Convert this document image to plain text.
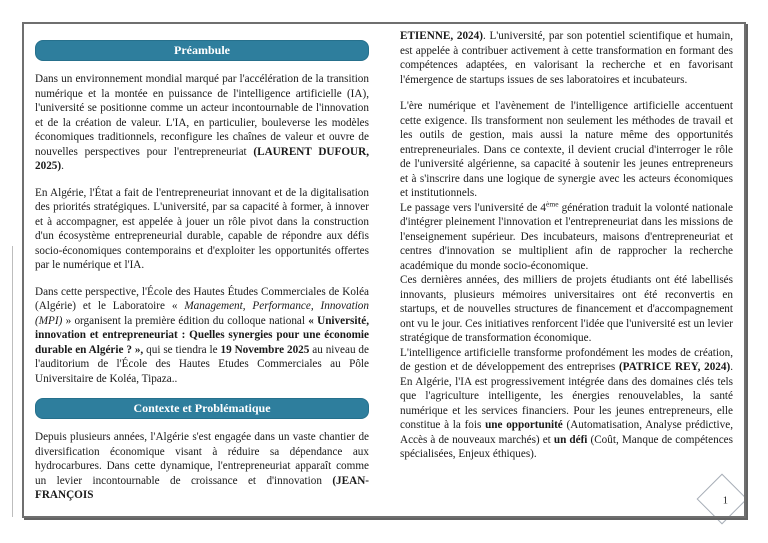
1
Préambule

Dans un environnement mondial marqué par l'accélération de la transition numérique et la montée en puissance de l'intelligence artificielle (IA), l'université se positionne comme un acteur incontournable de l'innovation et de la création de valeur. L'IA, en particulier, bouleverse les modèles économiques traditionnels, reconfigure les chaînes de valeur et ouvre de nouvelles perspectives pour l'entrepreneuriat (LAURENT DUFOUR, 2025).

En Algérie, l'État a fait de l'entrepreneuriat innovant et de la digitalisation des priorités stratégiques. L'université, par sa capacité à former, à innover et à accompagner, est appelée à jouer un rôle pivot dans la construction d'un écosystème entrepreneurial durable, capable de répondre aux défis socio-économiques contemporains et d'exploiter les opportunités offertes par le numérique et l'IA.

Dans cette perspective, l'École des Hautes Études Commerciales de Koléa (Algérie) et le Laboratoire « Management, Performance, Innovation (MPI) » organisent la première édition du colloque national « Université, innovation et entrepreneuriat : Quelles synergies pour une économie durable en Algérie ? », qui se tiendra le 19 Novembre 2025 au niveau de l'auditorium de l'École des Hautes Etudes Commerciales au Pôle Universitaire de Koléa, Tipaza..

Contexte et Problématique

Depuis plusieurs années, l'Algérie s'est engagée dans un vaste chantier de diversification économique visant à réduire sa dépendance aux hydrocarbures. Dans cette dynamique, l'entrepreneuriat apparaît comme un levier incontournable de croissance et d'innovation (JEAN-FRANÇOIS

ETIENNE, 2024). L'université, par son potentiel scientifique et humain, est appelée à contribuer activement à cette transformation en formant des compétences adaptées, en valorisant la recherche et en favorisant l'émergence de startups issues de ses laboratoires et incubateurs.

L'ère numérique et l'avènement de l'intelligence artificielle accentuent cette exigence. Ils transforment non seulement les méthodes de travail et les outils de gestion, mais aussi la nature même des opportunités entrepreneuriales. Dans ce contexte, il devient crucial d'interroger le rôle de l'université algérienne, sa capacité à soutenir les jeunes entrepreneurs et à s'inscrire dans une logique de synergie avec les acteurs économiques et institutionnels.

Le passage vers l'université de 4ème génération traduit la volonté nationale d'intégrer pleinement l'innovation et l'entrepreneuriat dans les missions de l'enseignement supérieur. Des incubateurs, maisons d'entrepreneuriat et centres d'innovation se multiplient afin de rapprocher la recherche académique du monde socio-économique.

Ces dernières années, des milliers de projets étudiants ont été labellisés innovants, plusieurs mémoires universitaires ont été reconvertis en startups, et de nouvelles structures de financement et d'accompagnement ont vu le jour. Ces initiatives renforcent l'idée que l'université est un levier stratégique de transformation économique.

L'intelligence artificielle transforme profondément les modes de création, de gestion et de développement des entreprises (PATRICE REY, 2024). En Algérie, l'IA est progressivement intégrée dans des domaines clés tels que l'agriculture intelligente, les énergies renouvelables, la santé numérique et les services financiers. Pour les jeunes entrepreneurs, elle constitue à la fois une opportunité (Automatisation, Analyse prédictive, Accès à de nouveaux marchés) et un défi (Coût, Manque de compétences spécialisées, Enjeux éthiques).
